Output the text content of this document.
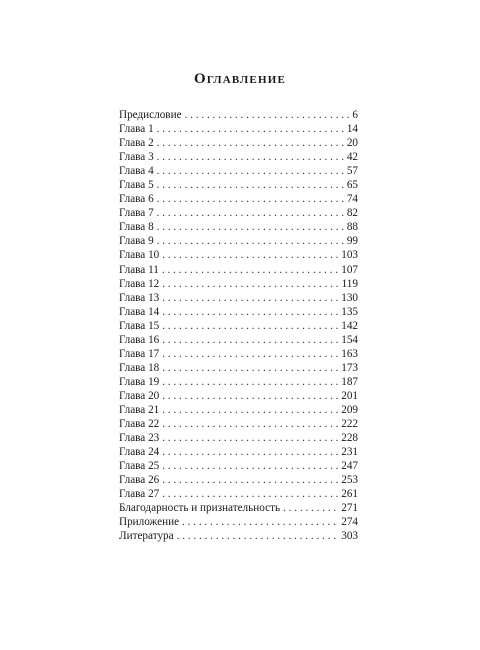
Оглавление
Предисловие . . .	6
Глава 1 . . .	14
Глава 2 . . .	20
Глава 3 . . .	42
Глава 4 . . .	57
Глава 5 . . .	65
Глава 6 . . .	74
Глава 7 . . .	82
Глава 8 . . .	88
Глава 9 . . .	99
Глава 10 . . .	103
Глава 11 . . .	107
Глава 12 . . .	119
Глава 13 . . .	130
Глава 14 . . .	135
Глава 15 . . .	142
Глава 16 . . .	154
Глава 17 . . .	163
Глава 18 . . .	173
Глава 19 . . .	187
Глава 20 . . .	201
Глава 21 . . .	209
Глава 22 . . .	222
Глава 23 . . .	228
Глава 24 . . .	231
Глава 25 . . .	247
Глава 26 . . .	253
Глава 27 . . .	261
Благодарность и признательность . . .	271
Приложение . . .	274
Литература . . .	303
